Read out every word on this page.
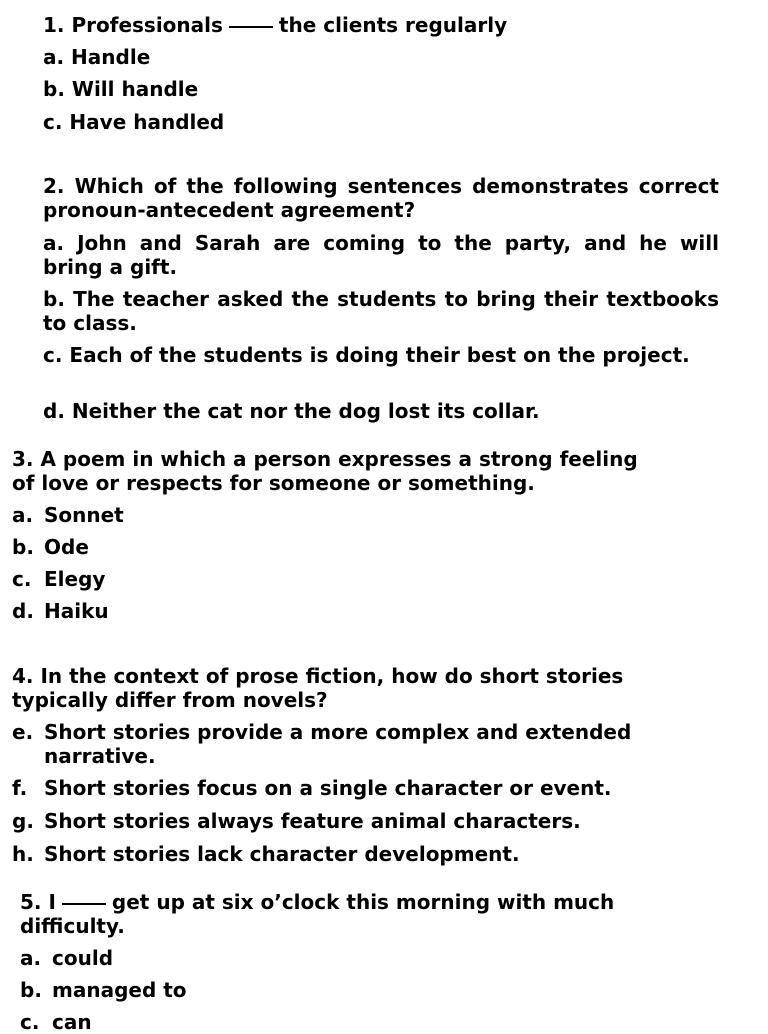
1. Professionals	the clients regularly
a. Handle
b. Will handle
c. Have handled
2. Which of the following sentences demonstrates correct pronoun-antecedent agreement?
a. John and Sarah are coming to the party, and he will bring a gift.
b. The teacher asked the students to bring their textbooks to class.
c. Each of the students is doing their best on the project.
d. Neither the cat nor the dog lost its collar.
3. A poem in which a person expresses a strong feeling
of love or respects for someone or something.
a. Sonnet
b. Ode
c. Elegy
d. Haiku
4. In the context of prose fiction, how do short stories
typically differ from novels?
e. Short stories provide a more complex and extended narrative.
f. Short stories focus on a single character or event.
g. Short stories always feature animal characters.
h. Short stories lack character development.
5. I	get up at six o’clock this morning with much
difficulty.
a. could
b. managed to
c. can
